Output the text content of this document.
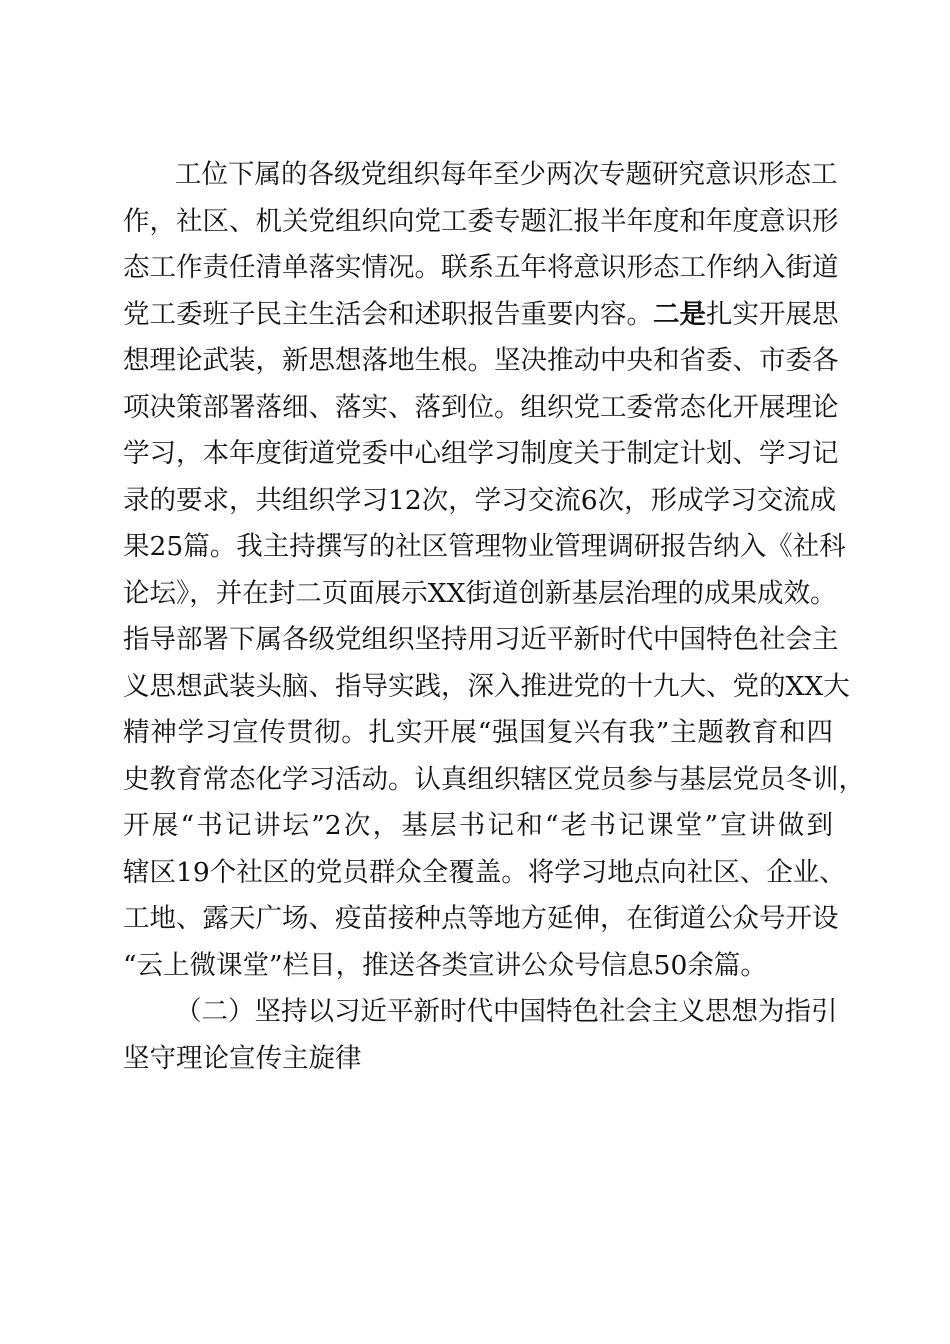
工位下属的各级党组织每年至少两次专题研究意识形态工
作，社区、机关党组织向党工委专题汇报半年度和年度意识形
态工作责任清单落实情况。联系五年将意识形态工作纳入街道
党工委班子民主生活会和述职报告重要内容。二是扎实开展思
想理论武装，新思想落地生根。坚决推动中央和省委、市委各
项决策部署落细、落实、落到位。组织党工委常态化开展理论
学习，本年度街道党委中心组学习制度关于制定计划、学习记
录的要求，共组织学习12次，学习交流6次，形成学习交流成
果25篇。我主持撰写的社区管理物业管理调研报告纳入《社科
论坛》，并在封二页面展示XX街道创新基层治理的成果成效。
指导部署下属各级党组织坚持用习近平新时代中国特色社会主
义思想武装头脑、指导实践，深入推进党的十九大、党的XX大
精神学习宣传贯彻。扎实开展“强国复兴有我”主题教育和四
史教育常态化学习活动。认真组织辖区党员参与基层党员冬训，
开展“书记讲坛”2次，基层书记和“老书记课堂”宣讲做到
辖区19个社区的党员群众全覆盖。将学习地点向社区、企业、
工地、露天广场、疫苗接种点等地方延伸，在街道公众号开设
“云上微课堂”栏目，推送各类宣讲公众号信息50余篇。
（二）坚持以习近平新时代中国特色社会主义思想为指引
坚守理论宣传主旋律
